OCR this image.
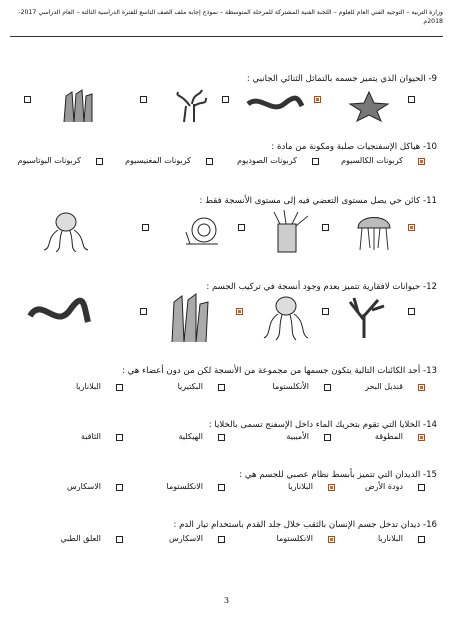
وزارة التربية – التوجيه الفني العام للعلوم – اللجنة الفنية المشتركة للمرحلة المتوسطة – نموذج إجابة ملف الصف التاسع للفترة الدراسية الثالثة – العام الدراسي 2017-2018م
9- الحيوان الذي يتميز جسمه بالتماثل الثنائي الجانبي :
10- هياكل الإسفنجيات صلبة ومكونة من مادة :
كربونات الكالسيوم
كربونات الصوديوم
كربونات المغنيسيوم
كربونات البوتاسيوم
11- كائن حي يصل مستوى التعضي فيه إلى مستوى الأنسجة فقط :
12- حيوانات لافقارية تتميز بعدم وجود أنسجة في تركيب الجسم :
13- أحد الكائنات التالية يتكون جسمها من مجموعة من الأنسجة لكن من دون أعضاء هي :
قنديل البحر
الأنكلستوما
البكتيريا
البلاناريا
14- الخلايا التي تقوم بتحريك الماء داخل الإسفنج تسمى بالخلايا :
المطوقة
الأميبية
الهيكلية
الثاقبة
15- الديدان التي تتميز بأبسط نظام عصبي للجسم هي :
دودة الأرض
البلاناريا
الانكلستوما
الاسكارس
16- ديدان تدخل جسم الإنسان بالثقب خلال جلد القدم باستخدام تيار الدم :
البلاناريا
الانكلستوما
الاسكارس
العلق الطبي
3
